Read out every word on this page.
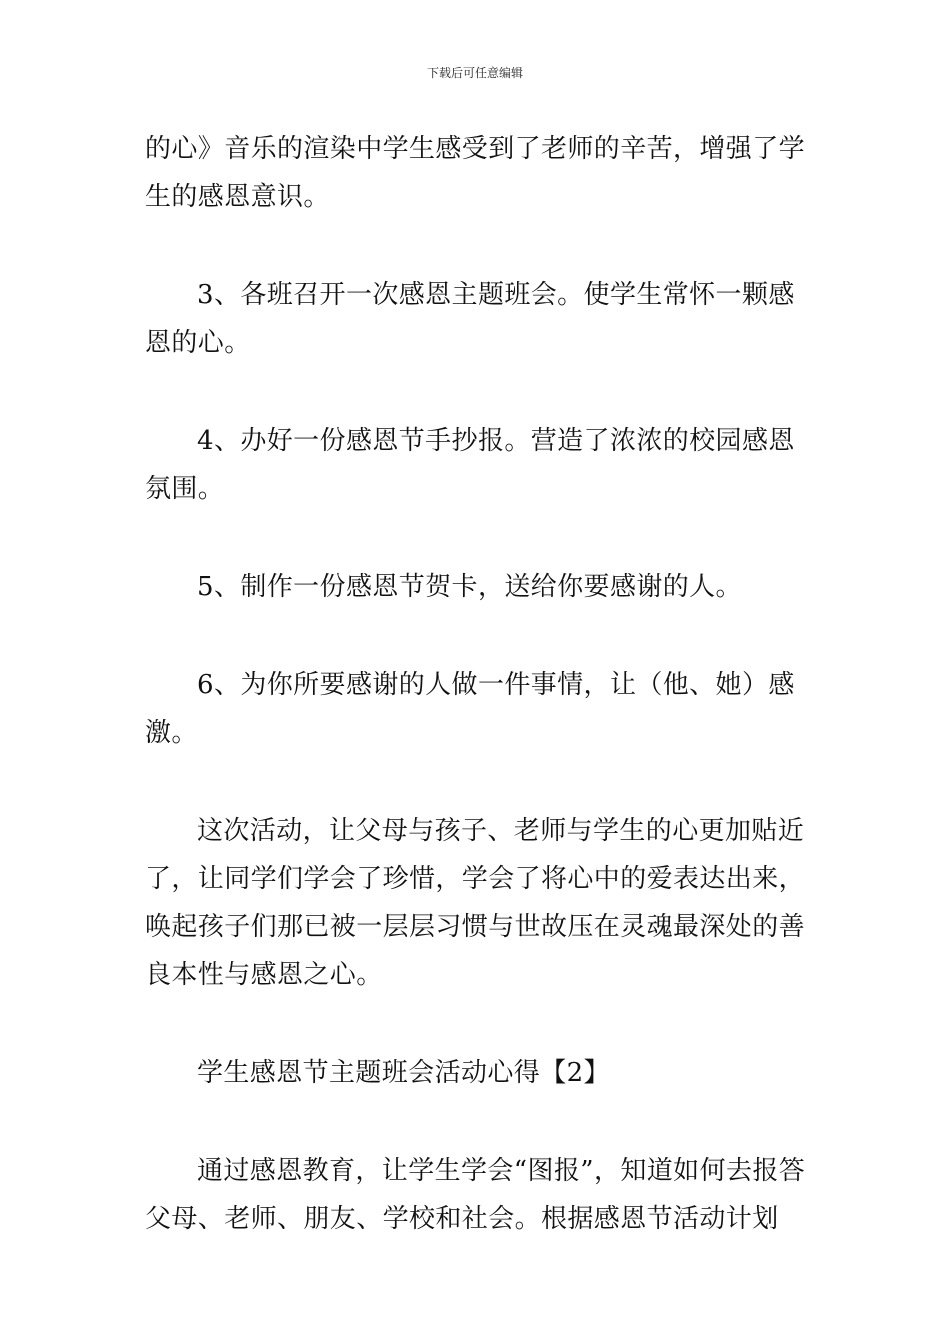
下载后可任意编辑

的心》音乐的渲染中学生感受到了老师的辛苦，增强了学生的感恩意识。

3、各班召开一次感恩主题班会。使学生常怀一颗感恩的心。

4、办好一份感恩节手抄报。营造了浓浓的校园感恩氛围。

5、制作一份感恩节贺卡，送给你要感谢的人。

6、为你所要感谢的人做一件事情，让（他、她）感激。

这次活动，让父母与孩子、老师与学生的心更加贴近了，让同学们学会了珍惜，学会了将心中的爱表达出来，唤起孩子们那已被一层层习惯与世故压在灵魂最深处的善良本性与感恩之心。

学生感恩节主题班会活动心得【2】

通过感恩教育，让学生学会“图报”，知道如何去报答父母、老师、朋友、学校和社会。根据感恩节活动计划
